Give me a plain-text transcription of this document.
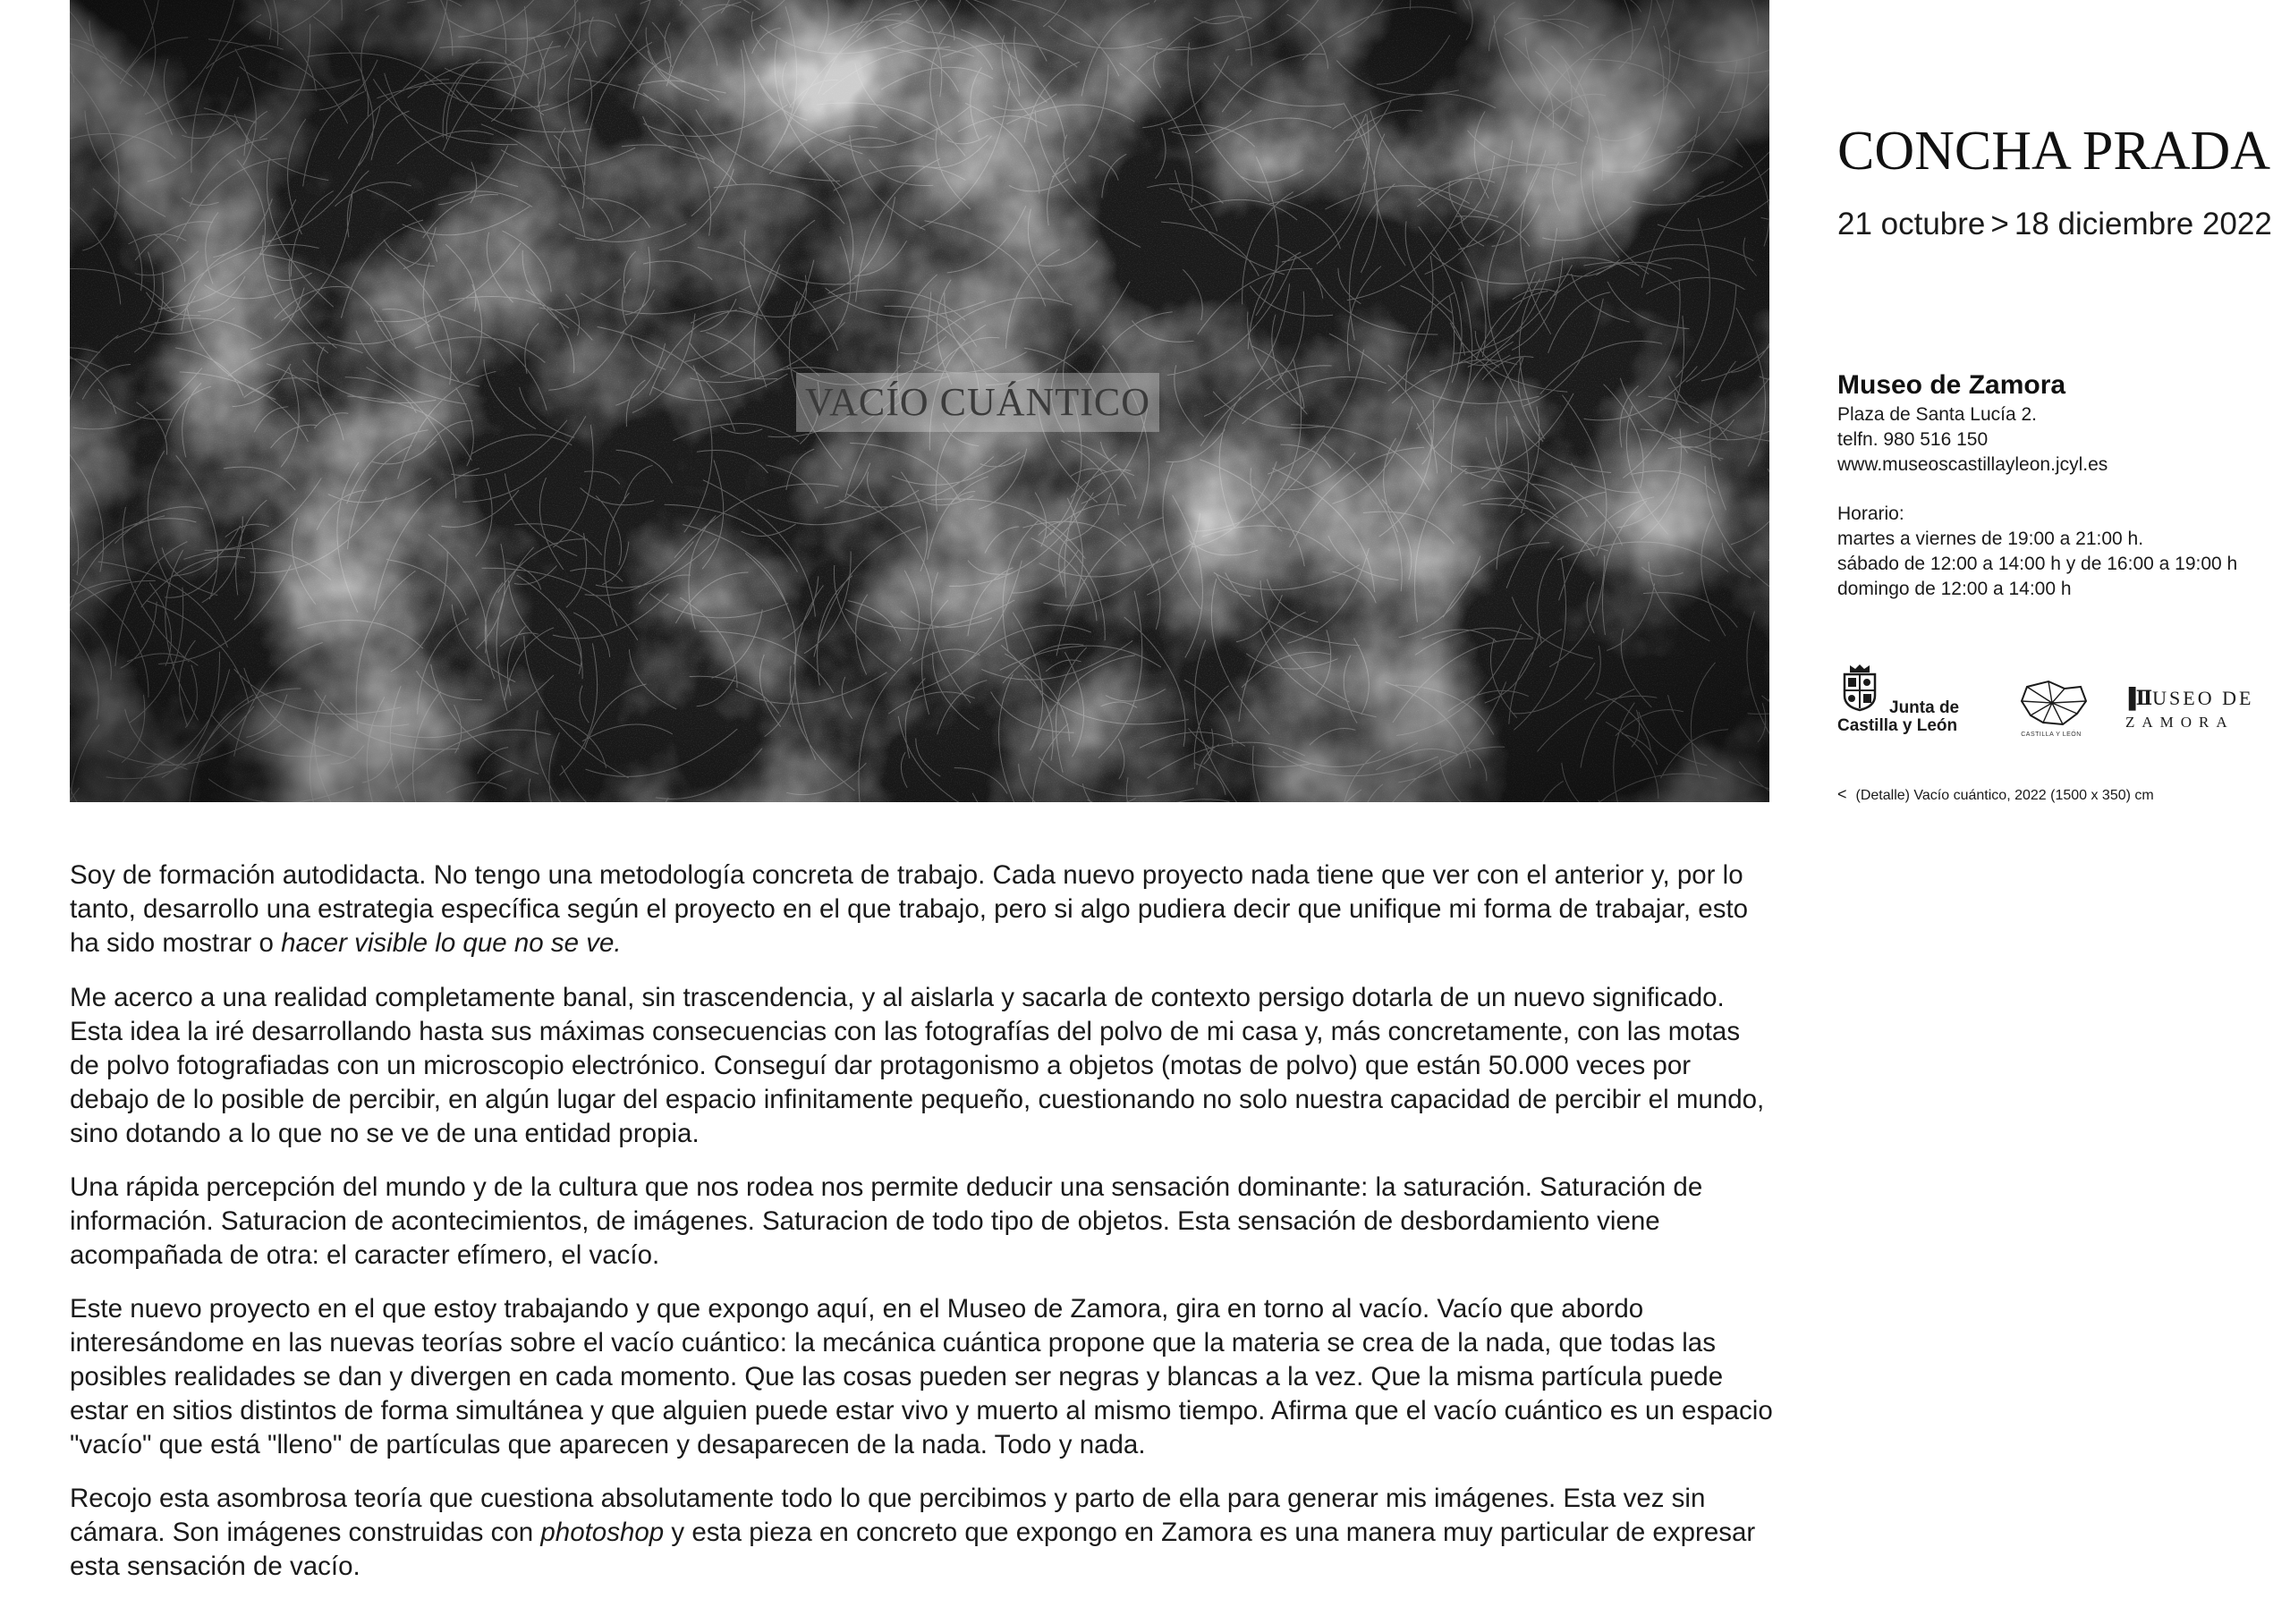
VACÍO CUÁNTICO
CONCHA PRADA
21 octubre > 18 diciembre 2022
Museo de Zamora
Plaza de Santa Lucía 2.
telfn. 980 516 150
www.museoscastillayleon.jcyl.es
Horario:
martes a viernes de 19:00 a 21:00 h.
sábado de 12:00 a 14:00 h y de 16:00 a 19:00 h
domingo de 12:00 a 14:00 h
Junta de
Castilla y León	CASTILLA Y LEÓN
▐ⅡUSEO DE
ZAMORA
< (Detalle) Vacío cuántico, 2022 (1500 x 350) cm

Soy de formación autodidacta. No tengo una metodología concreta de trabajo. Cada nuevo proyecto nada tiene que ver con el anterior y, por lo tanto, desarrollo una estrategia específica según el proyecto en el que trabajo, pero si algo pudiera decir que unifique mi forma de trabajar, esto ha sido mostrar o hacer visible lo que no se ve.

Me acerco a una realidad completamente banal, sin trascendencia, y al aislarla y sacarla de contexto persigo dotarla de un nuevo significado. Esta idea la iré desarrollando hasta sus máximas consecuencias con las fotografías del polvo de mi casa y, más concretamente, con las motas de polvo fotografiadas con un microscopio electrónico. Conseguí dar protagonismo a objetos (motas de polvo) que están 50.000 veces por debajo de lo posible de percibir, en algún lugar del espacio infinitamente pequeño, cuestionando no solo nuestra capacidad de percibir el mundo, sino dotando a lo que no se ve de una entidad propia.

Una rápida percepción del mundo y de la cultura que nos rodea nos permite deducir una sensación dominante: la saturación. Saturación de información. Saturacion de acontecimientos, de imágenes. Saturacion de todo tipo de objetos. Esta sensación de desbordamiento viene acompañada de otra: el caracter efímero, el vacío.

Este nuevo proyecto en el que estoy trabajando y que expongo aquí, en el Museo de Zamora, gira en torno al vacío. Vacío que abordo interesándome en las nuevas teorías sobre el vacío cuántico: la mecánica cuántica propone que la materia se crea de la nada, que todas las posibles realidades se dan y divergen en cada momento. Que las cosas pueden ser negras y blancas a la vez. Que la misma partícula puede estar en sitios distintos de forma simultánea y que alguien puede estar vivo y muerto al mismo tiempo. Afirma que el vacío cuántico es un espacio "vacío" que está "lleno" de partículas que aparecen y desaparecen de la nada. Todo y nada.

Recojo esta asombrosa teoría que cuestiona absolutamente todo lo que percibimos y parto de ella para generar mis imágenes. Esta vez sin cámara. Son imágenes construidas con photoshop y esta pieza en concreto que expongo en Zamora es una manera muy particular de expresar esta sensación de vacío.
